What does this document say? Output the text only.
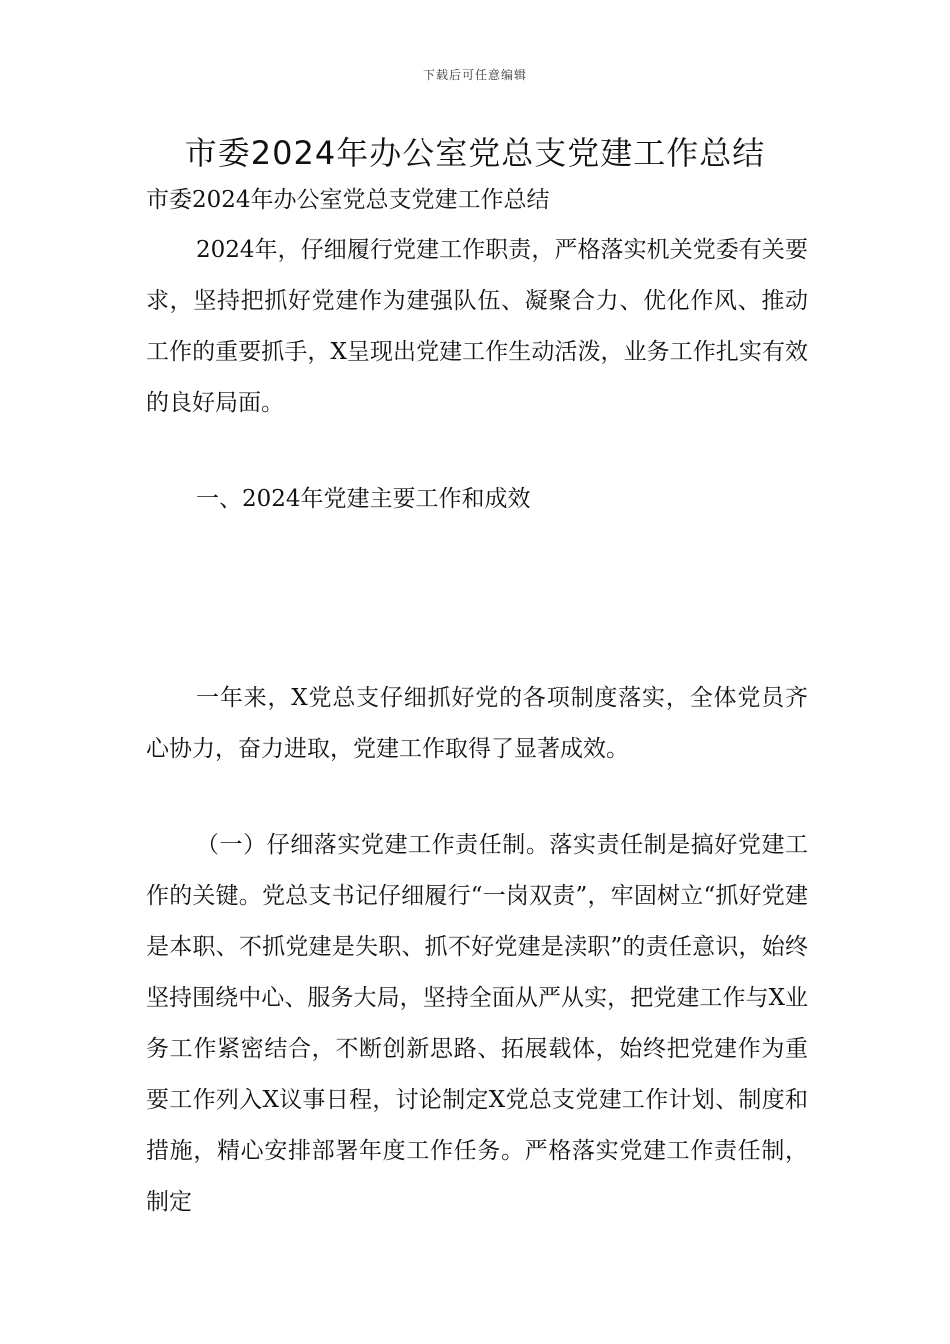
下载后可任意编辑
市委2024年办公室党总支党建工作总结

市委2024年办公室党总支党建工作总结

2024年，仔细履行党建工作职责，严格落实机关党委有关要求，坚持把抓好党建作为建强队伍、凝聚合力、优化作风、推动工作的重要抓手，X呈现出党建工作生动活泼，业务工作扎实有效的良好局面。

一、2024年党建主要工作和成效

一年来，X党总支仔细抓好党的各项制度落实，全体党员齐心协力，奋力进取，党建工作取得了显著成效。

（一）仔细落实党建工作责任制。落实责任制是搞好党建工作的关键。党总支书记仔细履行“一岗双责”，牢固树立“抓好党建是本职、不抓党建是失职、抓不好党建是渎职”的责任意识，始终坚持围绕中心、服务大局，坚持全面从严从实，把党建工作与X业务工作紧密结合，不断创新思路、拓展载体，始终把党建作为重要工作列入X议事日程，讨论制定X党总支党建工作计划、制度和措施，精心安排部署年度工作任务。严格落实党建工作责任制，制定
